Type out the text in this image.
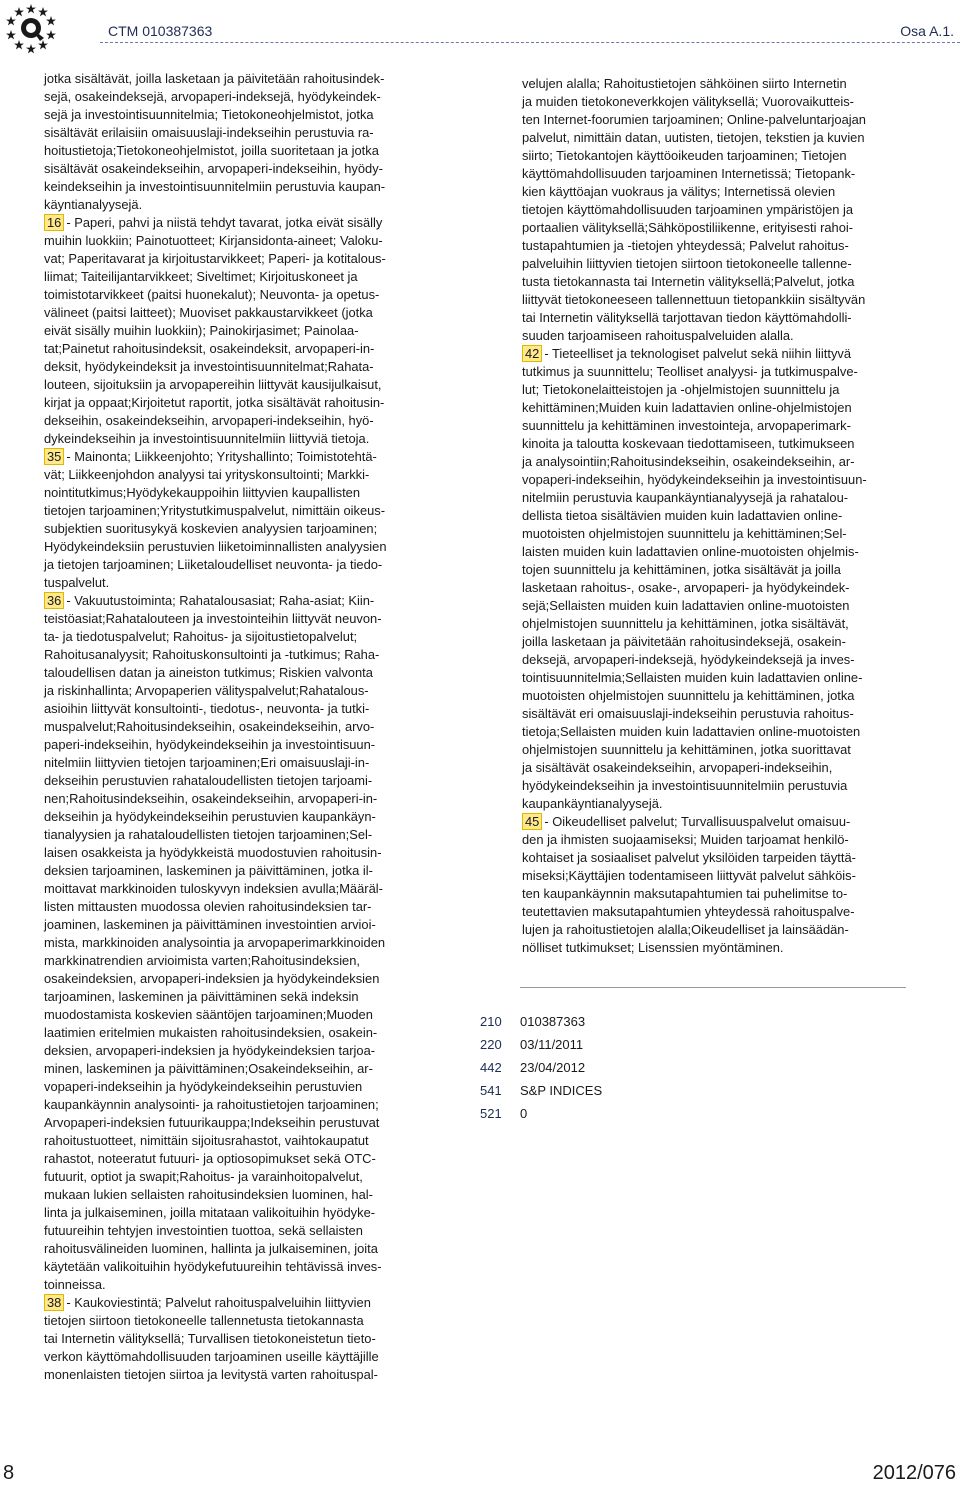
CTM 010387363	Osa A.1.

jotka sisältävät, joilla lasketaan ja päivitetään rahoitusindek-
sejä, osakeindeksejä, arvopaperi-indeksejä, hyödykeindek-
sejä ja investointisuunnitelmia; Tietokoneohjelmistot, jotka
sisältävät erilaisiin omaisuuslaji-indekseihin perustuvia ra-
hoitustietoja;Tietokoneohjelmistot, joilla suoritetaan ja jotka
sisältävät osakeindekseihin, arvopaperi-indekseihin, hyödy-
keindekseihin ja investointisuunnitelmiin perustuvia kaupan-
käyntianalyysejä.

16 - Paperi, pahvi ja niistä tehdyt tavarat, jotka eivät sisälly
muihin luokkiin; Painotuotteet; Kirjansidonta-aineet; Valoku-
vat; Paperitavarat ja kirjoitustarvikkeet; Paperi- ja kotitalous-
liimat; Taiteilijantarvikkeet; Siveltimet; Kirjoituskoneet ja
toimistotarvikkeet (paitsi huonekalut); Neuvonta- ja opetus-
välineet (paitsi laitteet); Muoviset pakkaustarvikkeet (jotka
eivät sisälly muihin luokkiin); Painokirjasimet; Painolaa-
tat;Painetut rahoitusindeksit, osakeindeksit, arvopaperi-in-
deksit, hyödykeindeksit ja investointisuunnitelmat;Rahata-
louteen, sijoituksiin ja arvopapereihin liittyvät kausijulkaisut,
kirjat ja oppaat;Kirjoitetut raportit, jotka sisältävät rahoitusin-
dekseihin, osakeindekseihin, arvopaperi-indekseihin, hyö-
dykeindekseihin ja investointisuunnitelmiin liittyviä tietoja.

35 - Mainonta; Liikkeenjohto; Yrityshallinto; Toimistotehtä-
vät; Liikkeenjohdon analyysi tai yrityskonsultointi; Markki-
nointitutkimus;Hyödykekauppoihin liittyvien kaupallisten
tietojen tarjoaminen;Yritystutkimuspalvelut, nimittäin oikeus-
subjektien suoritusykyä koskevien analyysien tarjoaminen;
Hyödykeindeksiin perustuvien liiketoiminnallisten analyysien
ja tietojen tarjoaminen; Liiketaloudelliset neuvonta- ja tiedo-
tuspalvelut.

36 - Vakuutustoiminta; Rahatalousasiat; Raha-asiat; Kiin-
teistöasiat;Rahatalouteen ja investointeihin liittyvät neuvon-
ta- ja tiedotuspalvelut; Rahoitus- ja sijoitustietopalvelut;
Rahoitusanalyysit; Rahoituskonsultointi ja -tutkimus; Raha-
taloudellisen datan ja aineiston tutkimus; Riskien valvonta
ja riskinhallinta; Arvopaperien välityspalvelut;Rahatalous-
asioihin liittyvät konsultointi-, tiedotus-, neuvonta- ja tutki-
muspalvelut;Rahoitusindekseihin, osakeindekseihin, arvo-
paperi-indekseihin, hyödykeindekseihin ja investointisuun-
nitelmiin liittyvien tietojen tarjoaminen;Eri omaisuuslaji-in-
dekseihin perustuvien rahataloudellisten tietojen tarjoami-
nen;Rahoitusindekseihin, osakeindekseihin, arvopaperi-in-
dekseihin ja hyödykeindekseihin perustuvien kaupankäyn-
tianalyysien ja rahataloudellisten tietojen tarjoaminen;Sel-
laisen osakkeista ja hyödykkeistä muodostuvien rahoitusin-
deksien tarjoaminen, laskeminen ja päivittäminen, jotka il-
moittavat markkinoiden tuloskyvyn indeksien avulla;Määräl-
listen mittausten muodossa olevien rahoitusindeksien tar-
joaminen, laskeminen ja päivittäminen investointien arvioi-
mista, markkinoiden analysointia ja arvopaperimarkkinoiden
markkinatrendien arvioimista varten;Rahoitusindeksien,
osakeindeksien, arvopaperi-indeksien ja hyödykeindeksien
tarjoaminen, laskeminen ja päivittäminen sekä indeksin
muodostamista koskevien sääntöjen tarjoaminen;Muoden
laatimien eritelmien mukaisten rahoitusindeksien, osakein-
deksien, arvopaperi-indeksien ja hyödykeindeksien tarjoa-
minen, laskeminen ja päivittäminen;Osakeindekseihin, ar-
vopaperi-indekseihin ja hyödykeindekseihin perustuvien
kaupankäynnin analysointi- ja rahoitustietojen tarjoaminen;
Arvopaperi-indeksien futuurikauppa;Indekseihin perustuvat
rahoitustuotteet, nimittäin sijoitusrahastot, vaihtokaupatut
rahastot, noteeratut futuuri- ja optiosopimukset sekä OTC-
futuurit, optiot ja swapit;Rahoitus- ja varainhoitopalvelut,
mukaan lukien sellaisten rahoitusindeksien luominen, hal-
linta ja julkaiseminen, joilla mitataan valikoituihin hyödyke-
futuureihin tehtyjen investointien tuottoa, sekä sellaisten
rahoitusvälineiden luominen, hallinta ja julkaiseminen, joita
käytetään valikoituihin hyödykefutuureihin tehtävissä inves-
toinneissa.

38 - Kaukoviestintä; Palvelut rahoituspalveluihin liittyvien
tietojen siirtoon tietokoneelle tallennetusta tietokannasta
tai Internetin välityksellä; Turvallisen tietokoneistetun tieto-
verkon käyttömahdollisuuden tarjoaminen useille käyttäjille
monenlaisten tietojen siirtoa ja levitystä varten rahoituspal-

velujen alalla; Rahoitustietojen sähköinen siirto Internetin
ja muiden tietokoneverkkojen välityksellä; Vuorovaikutteis-
ten Internet-foorumien tarjoaminen; Online-palveluntarjoajan
palvelut, nimittäin datan, uutisten, tietojen, tekstien ja kuvien
siirto; Tietokantojen käyttöoikeuden tarjoaminen; Tietojen
käyttömahdollisuuden tarjoaminen Internetissä; Tietopank-
kien käyttöajan vuokraus ja välitys; Internetissä olevien
tietojen käyttömahdollisuuden tarjoaminen ympäristöjen ja
portaalien välityksellä;Sähköpostiliikenne, erityisesti rahoi-
tustapahtumien ja -tietojen yhteydessä; Palvelut rahoitus-
palveluihin liittyvien tietojen siirtoon tietokoneelle tallenne-
tusta tietokannasta tai Internetin välityksellä;Palvelut, jotka
liittyvät tietokoneeseen tallennettuun tietopankkiin sisältyvän
tai Internetin välityksellä tarjottavan tiedon käyttömahdolli-
suuden tarjoamiseen rahoituspalveluiden alalla.

42 - Tieteelliset ja teknologiset palvelut sekä niihin liittyvä
tutkimus ja suunnittelu; Teolliset analyysi- ja tutkimuspalve-
lut; Tietokonelaitteistojen ja -ohjelmistojen suunnittelu ja
kehittäminen;Muiden kuin ladattavien online-ohjelmistojen
suunnittelu ja kehittäminen investointeja, arvopaperimark-
kinoita ja taloutta koskevaan tiedottamiseen, tutkimukseen
ja analysointiin;Rahoitusindekseihin, osakeindekseihin, ar-
vopaperi-indekseihin, hyödykeindekseihin ja investointisuun-
nitelmiin perustuvia kaupankäyntianalyysejä ja rahatalou-
dellista tietoa sisältävien muiden kuin ladattavien online-
muotoisten ohjelmistojen suunnittelu ja kehittäminen;Sel-
laisten muiden kuin ladattavien online-muotoisten ohjelmis-
tojen suunnittelu ja kehittäminen, jotka sisältävät ja joilla
lasketaan rahoitus-, osake-, arvopaperi- ja hyödykeindek-
sejä;Sellaisten muiden kuin ladattavien online-muotoisten
ohjelmistojen suunnittelu ja kehittäminen, jotka sisältävät,
joilla lasketaan ja päivitetään rahoitusindeksejä, osakein-
deksejä, arvopaperi-indeksejä, hyödykeindeksejä ja inves-
tointisuunnitelmia;Sellaisten muiden kuin ladattavien online-
muotoisten ohjelmistojen suunnittelu ja kehittäminen, jotka
sisältävät eri omaisuuslaji-indekseihin perustuvia rahoitus-
tietoja;Sellaisten muiden kuin ladattavien online-muotoisten
ohjelmistojen suunnittelu ja kehittäminen, jotka suorittavat
ja sisältävät osakeindekseihin, arvopaperi-indekseihin,
hyödykeindekseihin ja investointisuunnitelmiin perustuvia
kaupankäyntianalyysejä.

45 - Oikeudelliset palvelut; Turvallisuuspalvelut omaisuu-
den ja ihmisten suojaamiseksi; Muiden tarjoamat henkilö-
kohtaiset ja sosiaaliset palvelut yksilöiden tarpeiden täyttä-
miseksi;Käyttäjien todentamiseen liittyvät palvelut sähköis-
ten kaupankäynnin maksutapahtumien tai puhelimitse to-
teutettavien maksutapahtumien yhteydessä rahoituspalve-
lujen ja rahoitustietojen alalla;Oikeudelliset ja lainsäädän-
nölliset tutkimukset; Lisenssien myöntäminen.

210	010387363
220	03/11/2011
442	23/04/2012
541	S&P INDICES
521	0
8	2012/076
